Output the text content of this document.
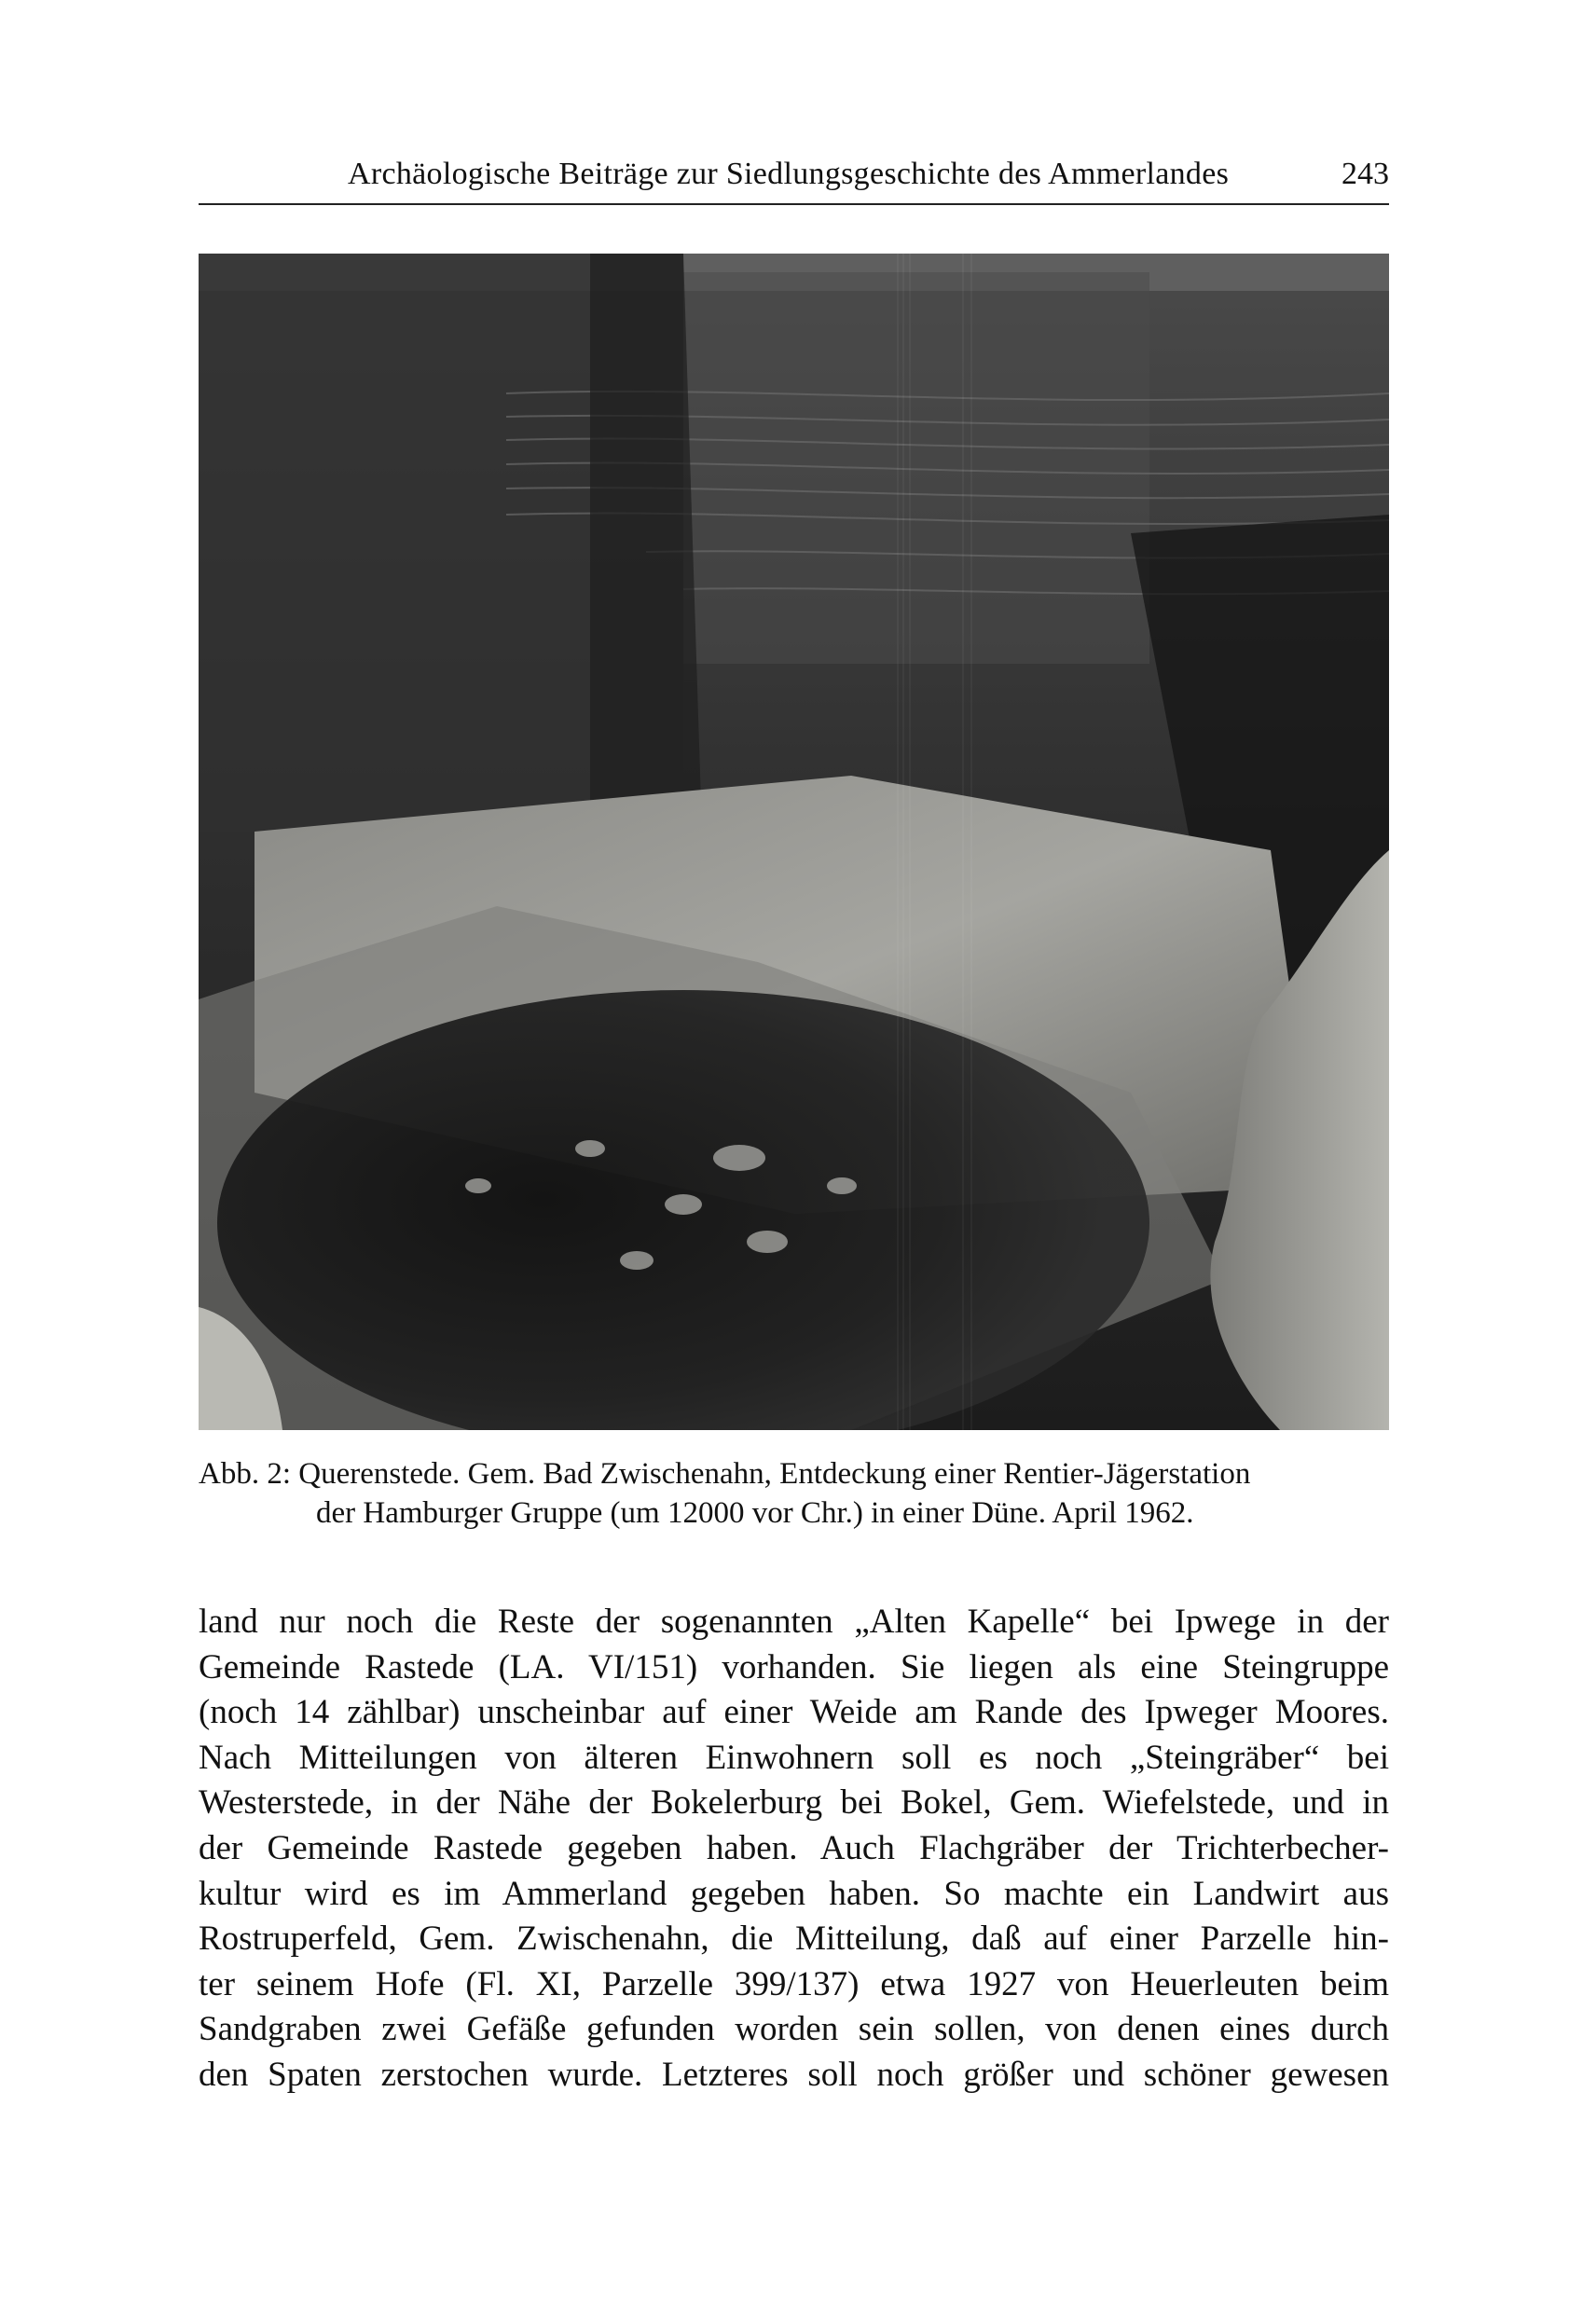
Archäologische Beiträge zur Siedlungsgeschichte des Ammerlandes	243
Abb. 2: Querenstede. Gem. Bad Zwischenahn, Entdeckung einer Rentier-Jägerstation
der Hamburger Gruppe (um 12000 vor Chr.) in einer Düne. April 1962.
land nur noch die Reste der sogenannten „Alten Kapelle“ bei Ipwege in der
Gemeinde Rastede (LA. VI/151) vorhanden. Sie liegen als eine Steingruppe
(noch 14 zählbar) unscheinbar auf einer Weide am Rande des Ipweger Moores.
Nach Mitteilungen von älteren Einwohnern soll es noch „Steingräber“ bei
Westerstede, in der Nähe der Bokelerburg bei Bokel, Gem. Wiefelstede, und in
der Gemeinde Rastede gegeben haben. Auch Flachgräber der Trichterbecher-
kultur wird es im Ammerland gegeben haben. So machte ein Landwirt aus
Rostruperfeld, Gem. Zwischenahn, die Mitteilung, daß auf einer Parzelle hin-
ter seinem Hofe (Fl. XI, Parzelle 399/137) etwa 1927 von Heuerleuten beim
Sandgraben zwei Gefäße gefunden worden sein sollen, von denen eines durch
den Spaten zerstochen wurde. Letzteres soll noch größer und schöner gewesen
